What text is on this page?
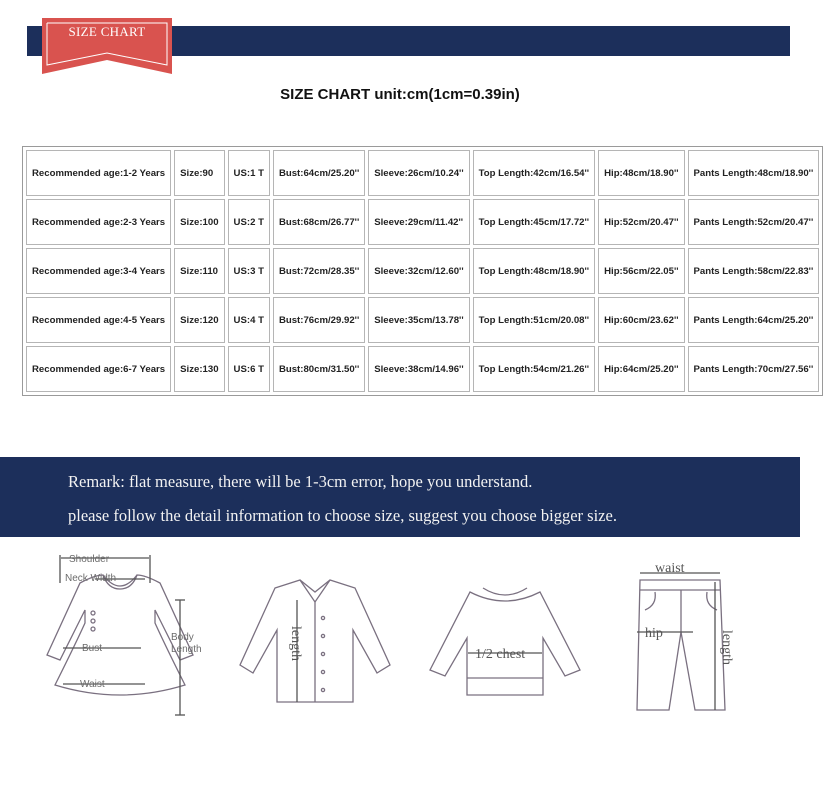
SIZE CHART
SIZE CHART unit:cm(1cm=0.39in)
Recommended age:1-2 Years	Size:90	US:1 T	Bust:64cm/25.20''	Sleeve:26cm/10.24''	Top Length:42cm/16.54''	Hip:48cm/18.90''	Pants Length:48cm/18.90''
Recommended age:2-3 Years	Size:100	US:2 T	Bust:68cm/26.77''	Sleeve:29cm/11.42''	Top Length:45cm/17.72''	Hip:52cm/20.47''	Pants Length:52cm/20.47''
Recommended age:3-4 Years	Size:110	US:3 T	Bust:72cm/28.35''	Sleeve:32cm/12.60''	Top Length:48cm/18.90''	Hip:56cm/22.05''	Pants Length:58cm/22.83''
Recommended age:4-5 Years	Size:120	US:4 T	Bust:76cm/29.92''	Sleeve:35cm/13.78''	Top Length:51cm/20.08''	Hip:60cm/23.62''	Pants Length:64cm/25.20''
Recommended age:6-7 Years	Size:130	US:6 T	Bust:80cm/31.50''	Sleeve:38cm/14.96''	Top Length:54cm/21.26''	Hip:64cm/25.20''	Pants Length:70cm/27.56''
Remark: flat measure, there will be 1-3cm error, hope you understand.
please follow the detail information to choose size, suggest you choose bigger size.
Shoulder
Neck Width
Bust
Waist
Body
Length	length	1/2 chest
waist
hip	length
